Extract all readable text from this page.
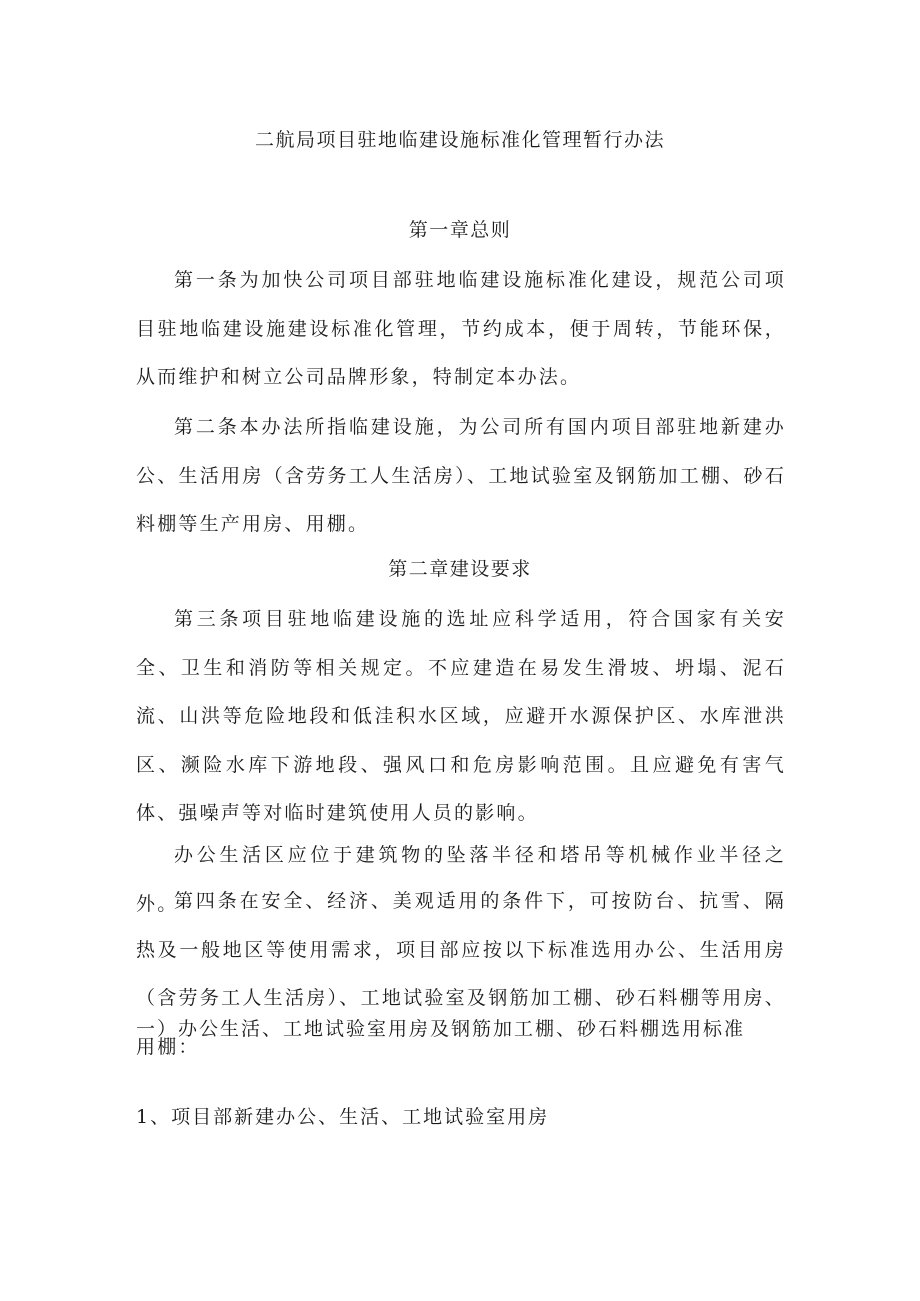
二航局项目驻地临建设施标准化管理暂行办法
第一章总则

第一条为加快公司项目部驻地临建设施标准化建设，规范公司项目驻地临建设施建设标准化管理，节约成本，便于周转，节能环保，从而维护和树立公司品牌形象，特制定本办法。

第二条本办法所指临建设施，为公司所有国内项目部驻地新建办公、生活用房（含劳务工人生活房）、工地试验室及钢筋加工棚、砂石料棚等生产用房、用棚。

第二章建设要求

第三条项目驻地临建设施的选址应科学适用，符合国家有关安全、卫生和消防等相关规定。不应建造在易发生滑坡、坍塌、泥石流、山洪等危险地段和低洼积水区域，应避开水源保护区、水库泄洪区、濒险水库下游地段、强风口和危房影响范围。且应避免有害气体、强噪声等对临时建筑使用人员的影响。

办公生活区应位于建筑物的坠落半径和塔吊等机械作业半径之外。

第四条在安全、经济、美观适用的条件下，可按防台、抗雪、隔热及一般地区等使用需求，项目部应按以下标准选用办公、生活用房（含劳务工人生活房）、工地试验室及钢筋加工棚、砂石料棚等用房、用棚：

一）办公生活、工地试验室用房及钢筋加工棚、砂石料棚选用标准
1、项目部新建办公、生活、工地试验室用房
